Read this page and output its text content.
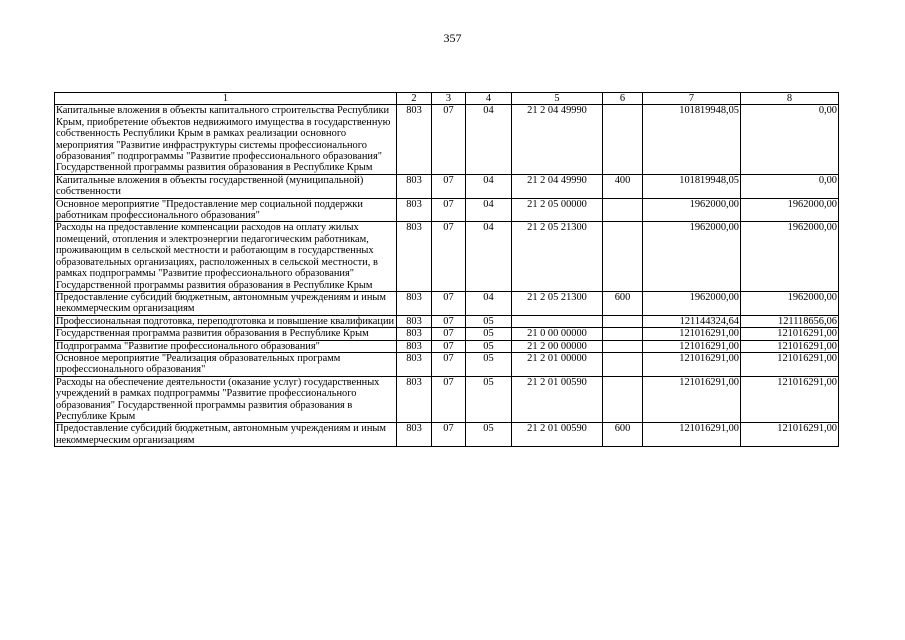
357
1	2	3	4	5	6	7	8
Капитальные вложения в объекты капитального строительства Республики Крым, приобретение объектов недвижимого имущества в государственную собственность Республики Крым в рамках реализации основного мероприятия "Развитие инфраструктуры системы профессионального образования" подпрограммы "Развитие профессионального образования" Государственной программы развития образования в Республике Крым	803	07	04	21 2 04 49990		101819948,05	0,00
Капитальные вложения в объекты государственной (муниципальной) собственности	803	07	04	21 2 04 49990	400	101819948,05	0,00
Основное мероприятие "Предоставление мер социальной поддержки работникам профессионального образования"	803	07	04	21 2 05 00000		1962000,00	1962000,00
Расходы на предоставление компенсации расходов на оплату жилых помещений, отопления и электроэнергии педагогическим работникам, проживающим в сельской местности и работающим в государственных образовательных организациях, расположенных в сельской местности, в рамках подпрограммы "Развитие профессионального образования" Государственной программы развития образования в Республике Крым	803	07	04	21 2 05 21300		1962000,00	1962000,00
Предоставление субсидий бюджетным, автономным учреждениям и иным некоммерческим организациям	803	07	04	21 2 05 21300	600	1962000,00	1962000,00
Профессиональная подготовка, переподготовка и повышение квалификации	803	07	05			121144324,64	121118656,06
Государственная программа развития образования в Республике Крым	803	07	05	21 0 00 00000		121016291,00	121016291,00
Подпрограмма "Развитие профессионального образования"	803	07	05	21 2 00 00000		121016291,00	121016291,00
Основное мероприятие "Реализация образовательных программ профессионального образования"	803	07	05	21 2 01 00000		121016291,00	121016291,00
Расходы на обеспечение деятельности (оказание услуг) государственных учреждений в рамках подпрограммы "Развитие профессионального образования" Государственной программы развития образования в Республике Крым	803	07	05	21 2 01 00590		121016291,00	121016291,00
Предоставление субсидий бюджетным, автономным учреждениям и иным некоммерческим организациям	803	07	05	21 2 01 00590	600	121016291,00	121016291,00
